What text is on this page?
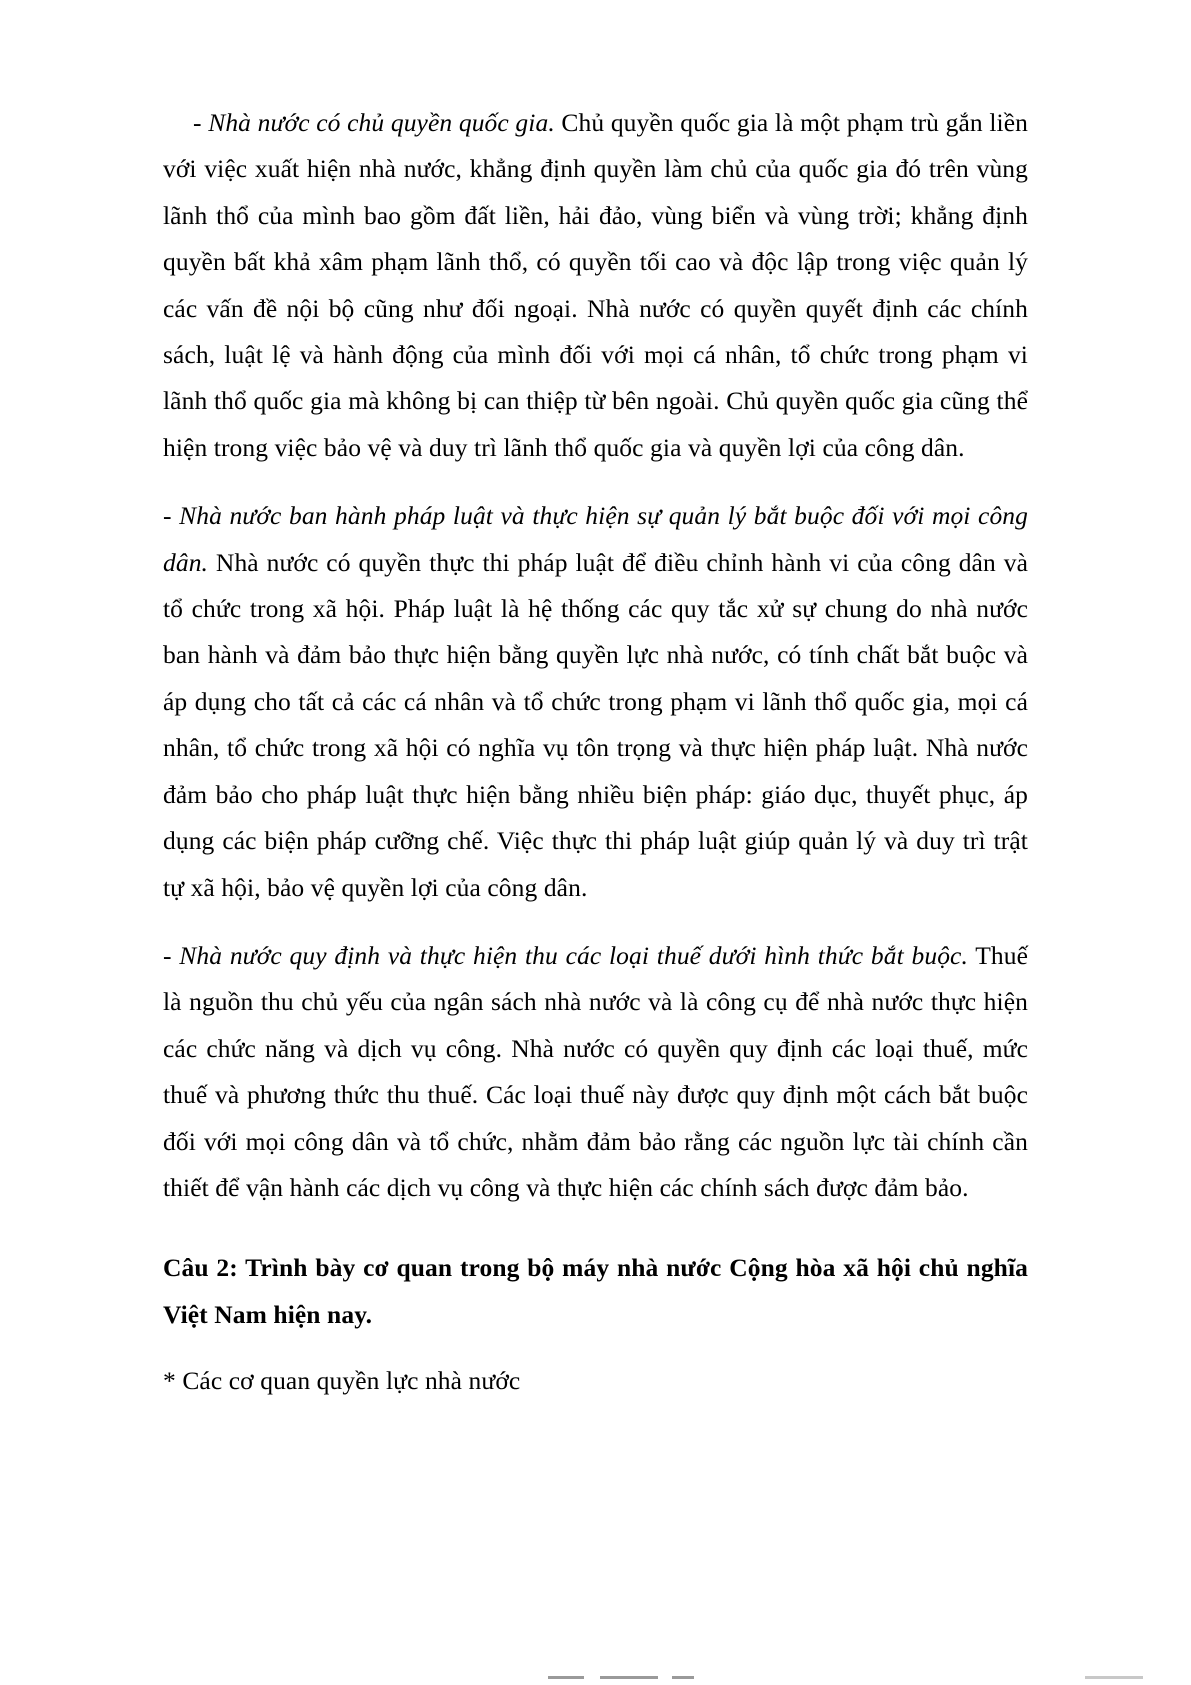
- Nhà nước có chủ quyền quốc gia. Chủ quyền quốc gia là một phạm trù gắn liền với việc xuất hiện nhà nước, khẳng định quyền làm chủ của quốc gia đó trên vùng lãnh thổ của mình bao gồm đất liền, hải đảo, vùng biển và vùng trời; khẳng định quyền bất khả xâm phạm lãnh thổ, có quyền tối cao và độc lập trong việc quản lý các vấn đề nội bộ cũng như đối ngoại. Nhà nước có quyền quyết định các chính sách, luật lệ và hành động của mình đối với mọi cá nhân, tổ chức trong phạm vi lãnh thổ quốc gia mà không bị can thiệp từ bên ngoài. Chủ quyền quốc gia cũng thể hiện trong việc bảo vệ và duy trì lãnh thổ quốc gia và quyền lợi của công dân.

- Nhà nước ban hành pháp luật và thực hiện sự quản lý bắt buộc đối với mọi công dân. Nhà nước có quyền thực thi pháp luật để điều chỉnh hành vi của công dân và tổ chức trong xã hội. Pháp luật là hệ thống các quy tắc xử sự chung do nhà nước ban hành và đảm bảo thực hiện bằng quyền lực nhà nước, có tính chất bắt buộc và áp dụng cho tất cả các cá nhân và tổ chức trong phạm vi lãnh thổ quốc gia, mọi cá nhân, tổ chức trong xã hội có nghĩa vụ tôn trọng và thực hiện pháp luật. Nhà nước đảm bảo cho pháp luật thực hiện bằng nhiều biện pháp: giáo dục, thuyết phục, áp dụng các biện pháp cưỡng chế. Việc thực thi pháp luật giúp quản lý và duy trì trật tự xã hội, bảo vệ quyền lợi của công dân.

- Nhà nước quy định và thực hiện thu các loại thuế dưới hình thức bắt buộc. Thuế là nguồn thu chủ yếu của ngân sách nhà nước và là công cụ để nhà nước thực hiện các chức năng và dịch vụ công. Nhà nước có quyền quy định các loại thuế, mức thuế và phương thức thu thuế. Các loại thuế này được quy định một cách bắt buộc đối với mọi công dân và tổ chức, nhằm đảm bảo rằng các nguồn lực tài chính cần thiết để vận hành các dịch vụ công và thực hiện các chính sách được đảm bảo.

Câu 2: Trình bày cơ quan trong bộ máy nhà nước Cộng hòa xã hội chủ nghĩa Việt Nam hiện nay.

* Các cơ quan quyền lực nhà nước
